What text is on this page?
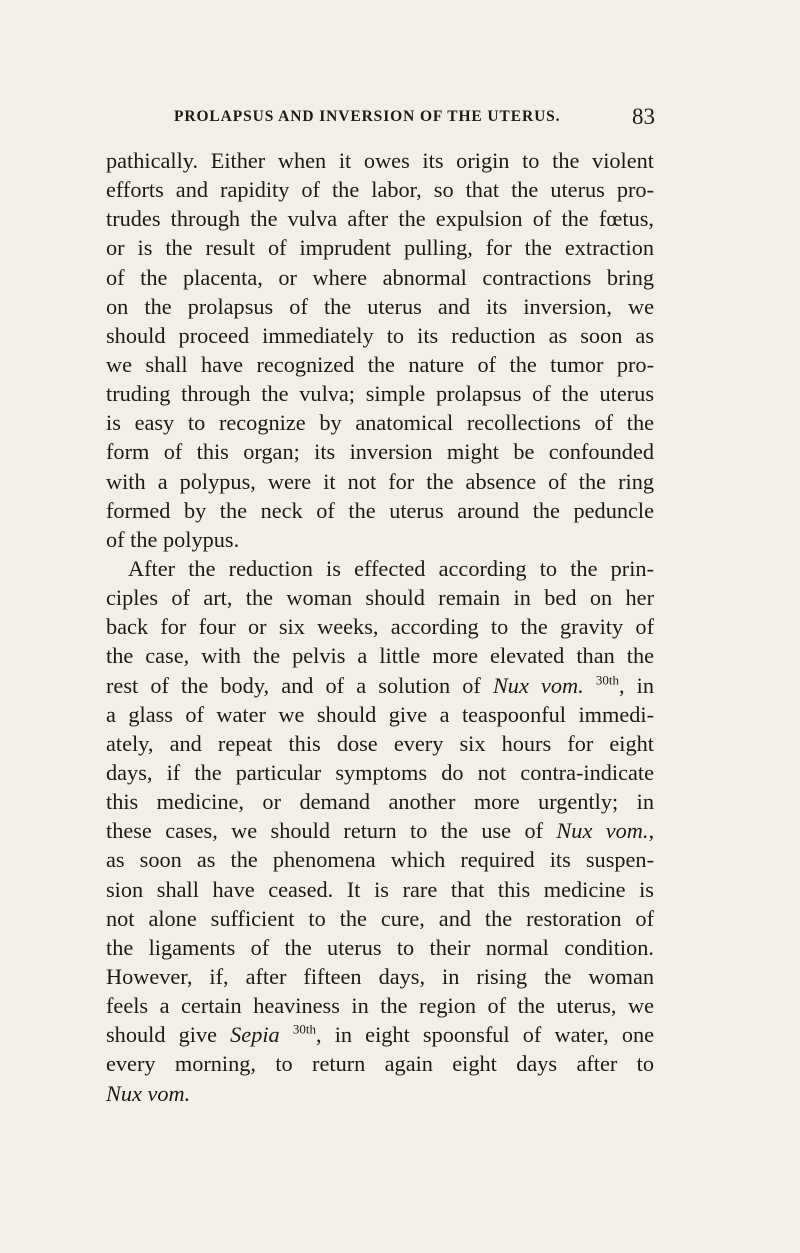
PROLAPSUS AND INVERSION OF THE UTERUS.	83
pathically. Either when it owes its origin to the violent
efforts and rapidity of the labor, so that the uterus pro-
trudes through the vulva after the expulsion of the fœtus,
or is the result of imprudent pulling, for the extraction
of the placenta, or where abnormal contractions bring
on the prolapsus of the uterus and its inversion, we
should proceed immediately to its reduction as soon as
we shall have recognized the nature of the tumor pro-
truding through the vulva; simple prolapsus of the uterus
is easy to recognize by anatomical recollections of the
form of this organ; its inversion might be confounded
with a polypus, were it not for the absence of the ring
formed by the neck of the uterus around the peduncle
of the polypus.
After the reduction is effected according to the prin-
ciples of art, the woman should remain in bed on her
back for four or six weeks, according to the gravity of
the case, with the pelvis a little more elevated than the
rest of the body, and of a solution of Nux vom. $^{30th}$, in
a glass of water we should give a teaspoonful immedi-
ately, and repeat this dose every six hours for eight
days, if the particular symptoms do not contra-indicate
this medicine, or demand another more urgently; in
these cases, we should return to the use of Nux vom.,
as soon as the phenomena which required its suspen-
sion shall have ceased. It is rare that this medicine is
not alone sufficient to the cure, and the restoration of
the ligaments of the uterus to their normal condition.
However, if, after fifteen days, in rising the woman
feels a certain heaviness in the region of the uterus, we
should give Sepia $^{30th}$, in eight spoonsful of water, one
every morning, to return again eight days after to
Nux vom.
